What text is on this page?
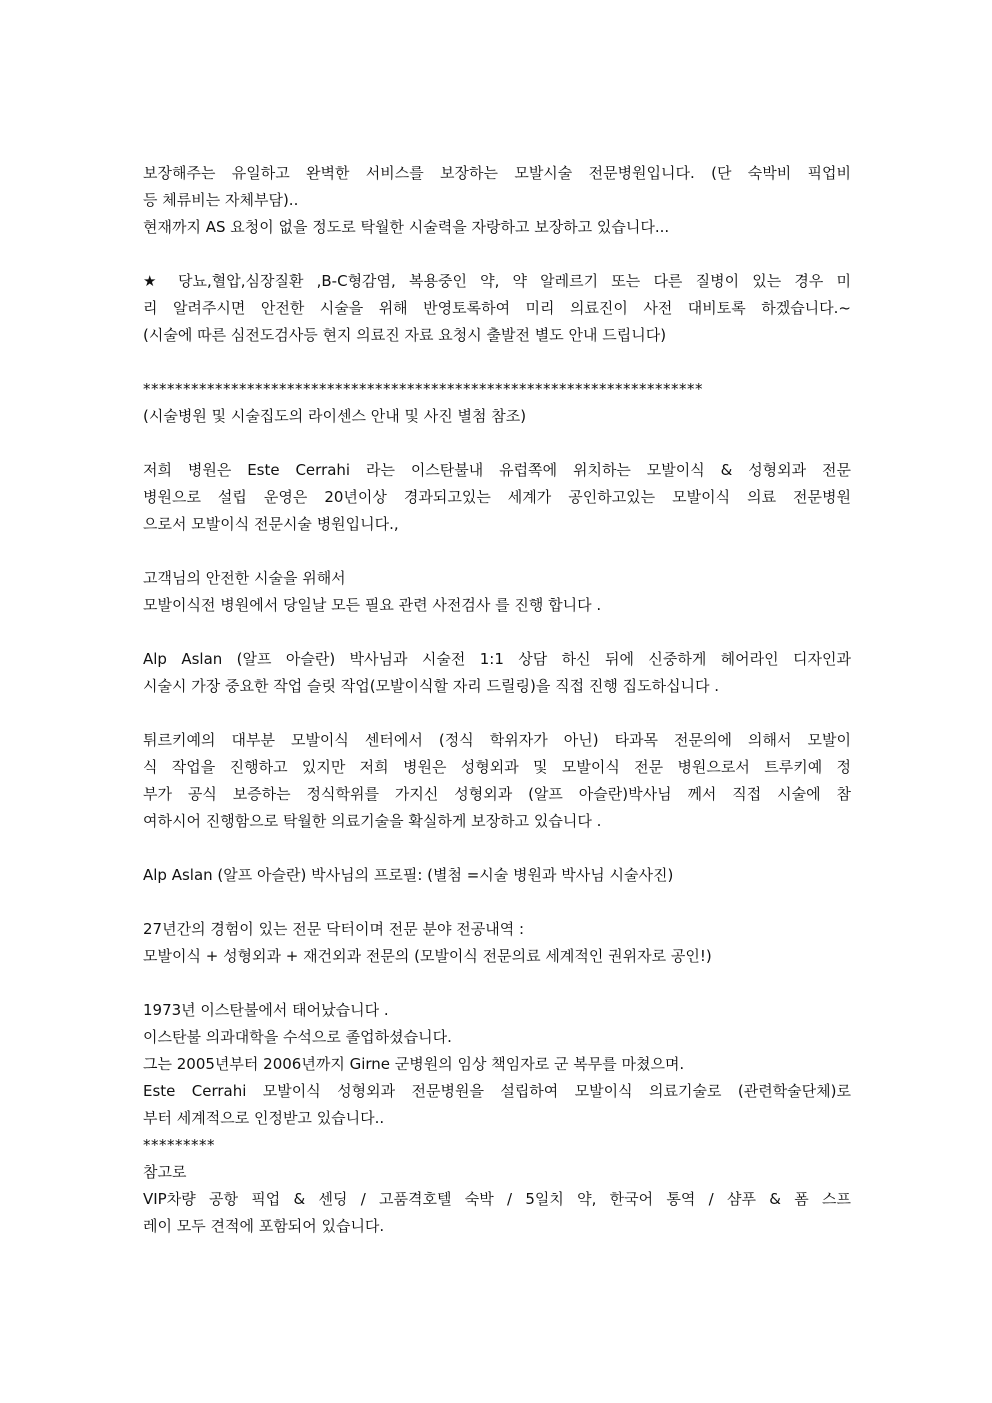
보장해주는 유일하고 완벽한 서비스를 보장하는 모발시술 전문병원입니다. (단 숙박비 픽업비
등 체류비는 자체부담)..
현재까지 AS 요청이 없을 정도로 탁월한 시술력을 자랑하고 보장하고 있습니다...
★ 당뇨,혈압,심장질환 ,B-C형감염, 복용중인 약, 약 알레르기 또는 다른 질병이 있는 경우 미
리 알려주시면 안전한 시술을 위해 반영토록하여 미리 의료진이 사전 대비토록 하겠습니다.~
(시술에 따른 심전도검사등 현지 의료진 자료 요청시 출발전 별도 안내 드립니다)
**********************************************************************
(시술병원 및 시술집도의 라이센스 안내 및 사진 별첨 참조)
저희 병원은 Este Cerrahi 라는 이스탄불내 유럽쪽에 위치하는 모발이식 & 성형외과 전문
병원으로 설립 운영은 20년이상 경과되고있는 세계가 공인하고있는 모발이식 의료 전문병원
으로서 모발이식 전문시술 병원입니다.,
고객님의 안전한 시술을 위해서
모발이식전 병원에서 당일날 모든 필요 관련 사전검사 를 진행 합니다 .
Alp Aslan (알프 아슬란) 박사님과 시술전 1:1 상담 하신 뒤에 신중하게 헤어라인 디자인과
시술시 가장 중요한 작업 슬릿 작업(모발이식할 자리 드릴링)을 직접 진행 집도하십니다 .
튀르키예의 대부분 모발이식 센터에서 (정식 학위자가 아닌) 타과목 전문의에 의해서 모발이
식 작업을 진행하고 있지만 저희 병원은 성형외과 및 모발이식 전문 병원으로서 트루키예 정
부가 공식 보증하는 정식학위를 가지신 성형외과 (알프 아슬란)박사님 께서 직접 시술에 참
여하시어 진행함으로 탁월한 의료기술을 확실하게 보장하고 있습니다 .
Alp Aslan (알프 아슬란) 박사님의 프로필: (별첨 =시술 병원과 박사님 시술사진)
27년간의 경험이 있는 전문 닥터이며 전문 분야 전공내역 :
모발이식 + 성형외과 + 재건외과 전문의 (모발이식 전문의료 세계적인 권위자로 공인!)
1973년 이스탄불에서 태어났습니다 .
이스탄불 의과대학을 수석으로 졸업하셨습니다.
그는 2005년부터 2006년까지 Girne 군병원의 임상 책임자로 군 복무를 마쳤으며.
Este Cerrahi 모발이식 성형외과 전문병원을 설립하여 모발이식 의료기술로 (관련학술단체)로
부터 세계적으로 인정받고 있습니다..
*********
참고로
VIP차량 공항 픽업 & 센딩 / 고품격호텔 숙박 / 5일치 약, 한국어 통역 / 샴푸 & 폼 스프
레이 모두 견적에 포함되어 있습니다.
